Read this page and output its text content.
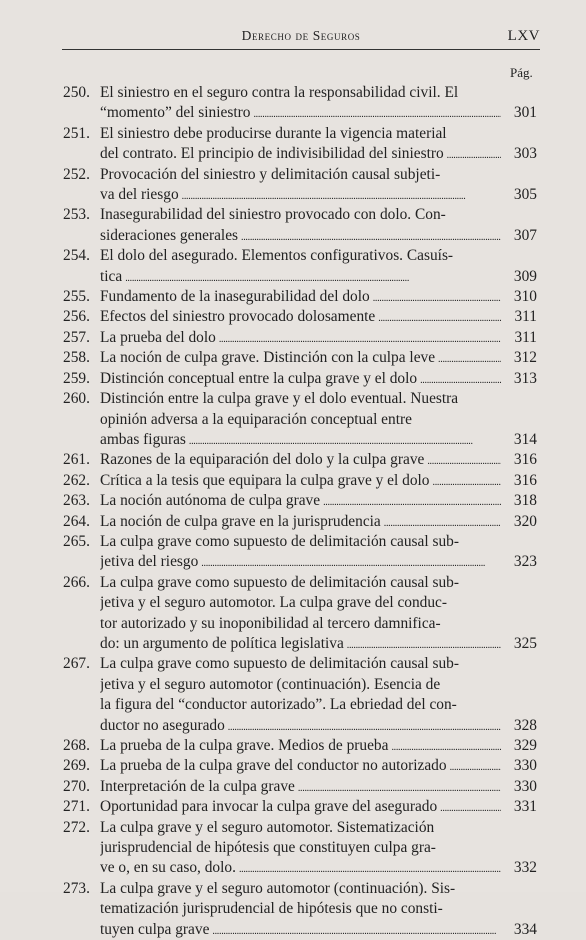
Derecho de Seguros	LXV
Pág.
250. El siniestro en el seguro contra la responsabilidad civil. El
“momento” del siniestro . . .	301
251. El siniestro debe producirse durante la vigencia material
del contrato. El principio de indivisibilidad del siniestro . . .	303
252. Provocación del siniestro y delimitación causal subjeti-
va del riesgo . . .	305
253. Inasegurabilidad del siniestro provocado con dolo. Con-
sideraciones generales . . .	307
254. El dolo del asegurado. Elementos configurativos. Casuís-
tica . . .	309
255. Fundamento de la inasegurabilidad del dolo . . .	310
256. Efectos del siniestro provocado dolosamente . . .	311
257. La prueba del dolo . . .	311
258. La noción de culpa grave. Distinción con la culpa leve . . .	312
259. Distinción conceptual entre la culpa grave y el dolo . . .	313
260. Distinción entre la culpa grave y el dolo eventual. Nuestra
opinión adversa a la equiparación conceptual entre
ambas figuras . . .	314
261. Razones de la equiparación del dolo y la culpa grave . . .	316
262. Crítica a la tesis que equipara la culpa grave y el dolo . . .	316
263. La noción autónoma de culpa grave . . .	318
264. La noción de culpa grave en la jurisprudencia . . .	320
265. La culpa grave como supuesto de delimitación causal sub-
jetiva del riesgo . . .	323
266. La culpa grave como supuesto de delimitación causal sub-
jetiva y el seguro automotor. La culpa grave del conduc-
tor autorizado y su inoponibilidad al tercero damnifica-
do: un argumento de política legislativa . . .	325
267. La culpa grave como supuesto de delimitación causal sub-
jetiva y el seguro automotor (continuación). Esencia de
la figura del “conductor autorizado”. La ebriedad del con-
ductor no asegurado . . .	328
268. La prueba de la culpa grave. Medios de prueba . . .	329
269. La prueba de la culpa grave del conductor no autorizado . . .	330
270. Interpretación de la culpa grave . . .	330
271. Oportunidad para invocar la culpa grave del asegurado . . .	331
272. La culpa grave y el seguro automotor. Sistematización
jurisprudencial de hipótesis que constituyen culpa gra-
ve o, en su caso, dolo. . . .	332
273. La culpa grave y el seguro automotor (continuación). Sis-
tematización jurisprudencial de hipótesis que no consti-
tuyen culpa grave . . .	334
